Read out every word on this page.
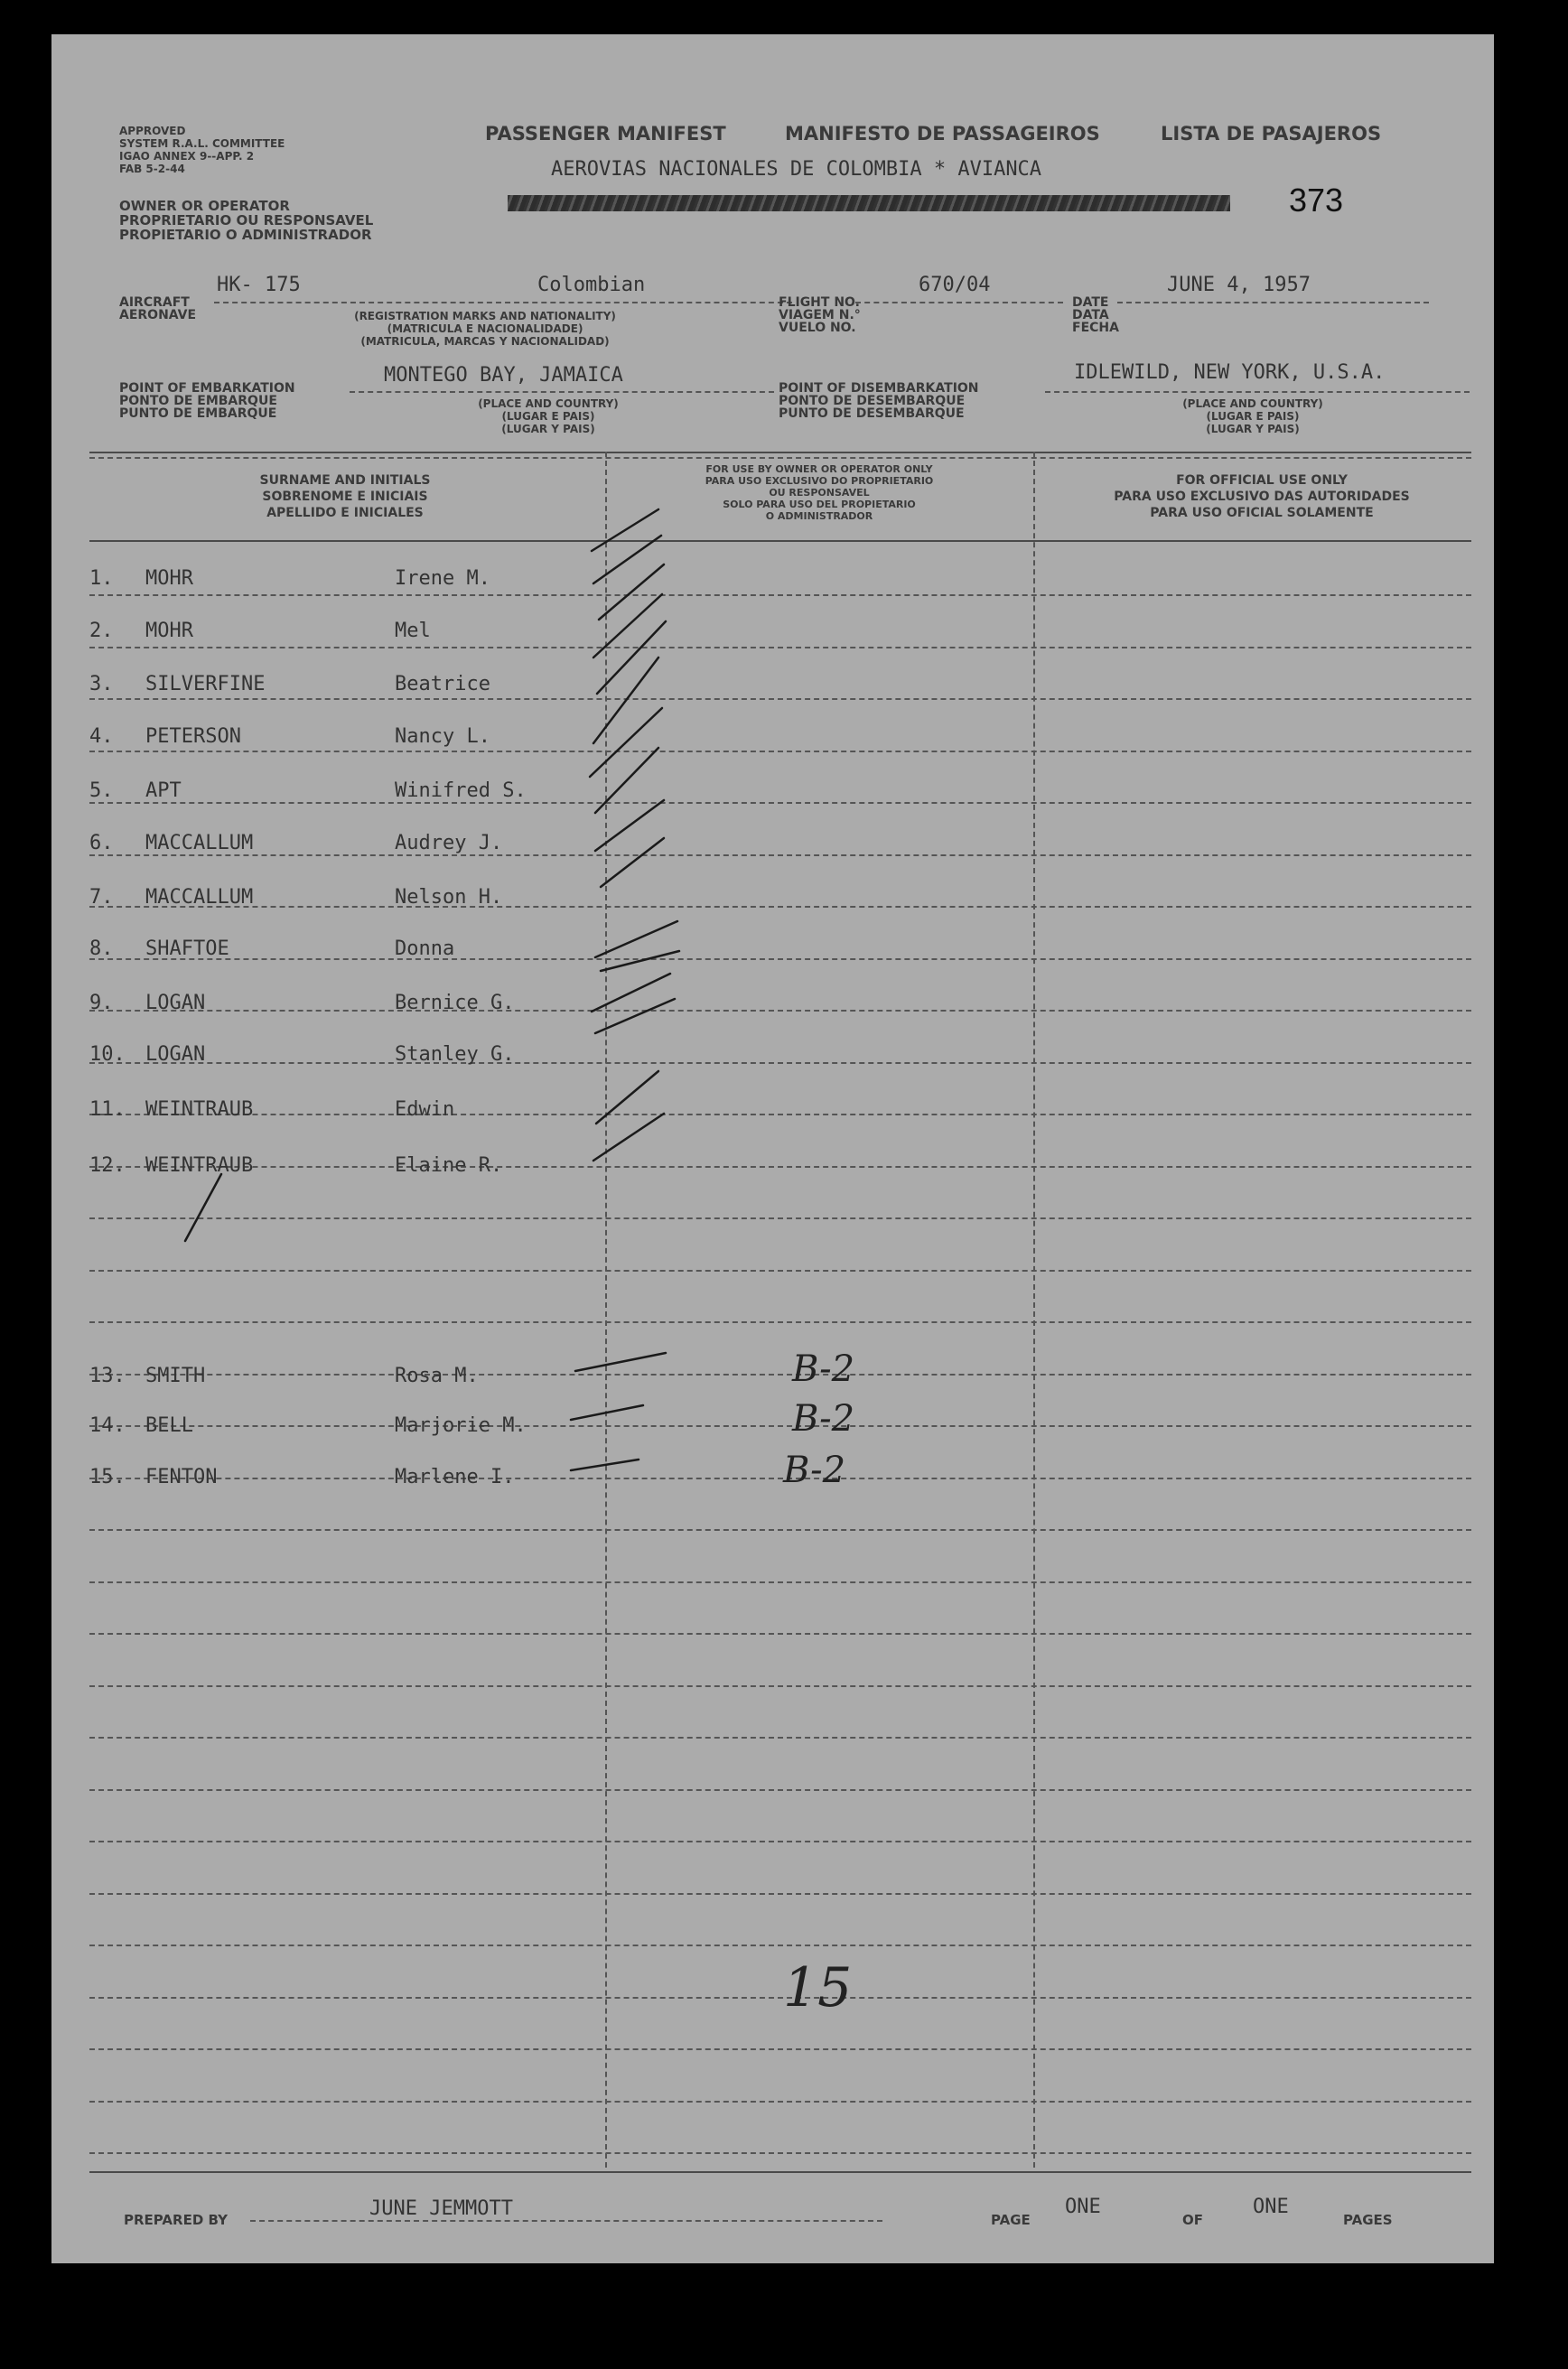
APPROVED
SYSTEM R.A.L. COMMITTEE
IGAO ANNEX 9--APP. 2
FAB 5-2-44
OWNER OR OPERATOR
PROPRIETARIO OU RESPONSAVEL
PROPIETARIO O ADMINISTRADOR
PASSENGER MANIFEST	MANIFESTO DE PASSAGEIROS	LISTA DE PASAJEROS
AEROVIAS NACIONALES DE COLOMBIA * AVIANCA
373
AIRCRAFT
AERONAVE
HK- 175	Colombian
(REGISTRATION MARKS AND NATIONALITY)
(MATRICULA E NACIONALIDADE)
(MATRICULA, MARCAS Y NACIONALIDAD)
FLIGHT NO.
VIAGEM N.°
VUELO NO.
670/04
DATE
DATA
FECHA
JUNE 4, 1957
POINT OF EMBARKATION
PONTO DE EMBARQUE
PUNTO DE EMBARQUE
MONTEGO BAY, JAMAICA
(PLACE AND COUNTRY)
(LUGAR E PAIS)
(LUGAR Y PAIS)
POINT OF DISEMBARKATION
PONTO DE DESEMBARQUE
PUNTO DE DESEMBARQUE
IDLEWILD, NEW YORK, U.S.A.
(PLACE AND COUNTRY)
(LUGAR E PAIS)
(LUGAR Y PAIS)
SURNAME AND INITIALS
SOBRENOME E INICIAIS
APELLIDO E INICIALES
FOR USE BY OWNER OR OPERATOR ONLY
PARA USO EXCLUSIVO DO PROPRIETARIO
OU RESPONSAVEL
SOLO PARA USO DEL PROPIETARIO
O ADMINISTRADOR
FOR OFFICIAL USE ONLY
PARA USO EXCLUSIVO DAS AUTORIDADES
PARA USO OFICIAL SOLAMENTE
1. MOHR	Irene M.
2. MOHR	Mel
3. SILVERFINE	Beatrice
4. PETERSON	Nancy L.
5. APT	Winifred S.
6. MACCALLUM	Audrey J.
7. MACCALLUM	Nelson H.
8. SHAFTOE	Donna
9. LOGAN	Bernice G.
10. LOGAN	Stanley G.
11. WEINTRAUB	Edwin
12. WEINTRAUB	Elaine R.
13. SMITH	Rosa M.
14. BELL	Marjorie M.
15. FENTON	Marlene I.
B-2
B-2
B-2
15
PREPARED BY	JUNE JEMMOTT	PAGE
ONE
OF
ONE
PAGES
